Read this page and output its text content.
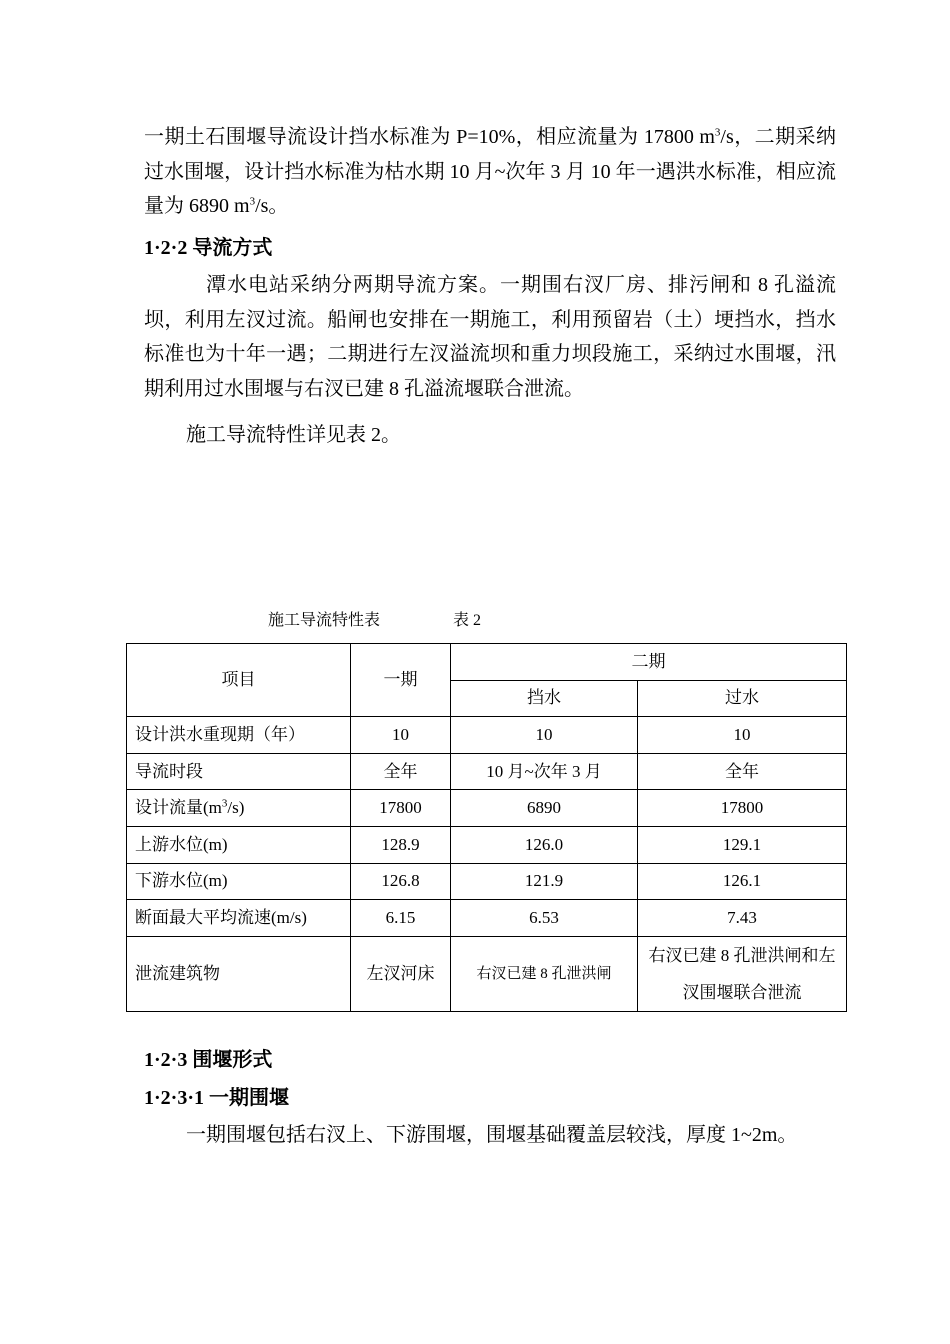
一期土石围堰导流设计挡水标准为 P=10%，相应流量为 17800 $m^3/s$，二期采纳过水围堰，设计挡水标准为枯水期 10 月~次年 3 月 10 年一遇洪水标准，相应流量为 6890 $m^3/s$。

1·2·2 导流方式

潭水电站采纳分两期导流方案。一期围右汊厂房、排污闸和 8 孔溢流坝，利用左汊过流。船闸也安排在一期施工，利用预留岩（土）埂挡水，挡水标准也为十年一遇；二期进行左汊溢流坝和重力坝段施工，采纳过水围堰，汛期利用过水围堰与右汊已建 8 孔溢流堰联合泄流。

施工导流特性详见表 2。

施工导流特性表	表 2
项目	一期	二期	
		挡水	过水
设计洪水重现期（年）	10	10	10
导流时段	全年	10 月~次年 3 月	全年
设计流量$(m^3/s)$	17800	6890	17800
上游水位(m)	128.9	126.0	129.1
下游水位(m)	126.8	121.9	126.1
断面最大平均流速(m/s)	6.15	6.53	7.43
泄流建筑物	左汊河床	右汊已建 8 孔泄洪闸	右汊已建 8 孔泄洪闸和左汊围堰联合泄流
1·2·3 围堰形式
1·2·3·1 一期围堰

一期围堰包括右汊上、下游围堰，围堰基础覆盖层较浅，厚度 1~2m。
